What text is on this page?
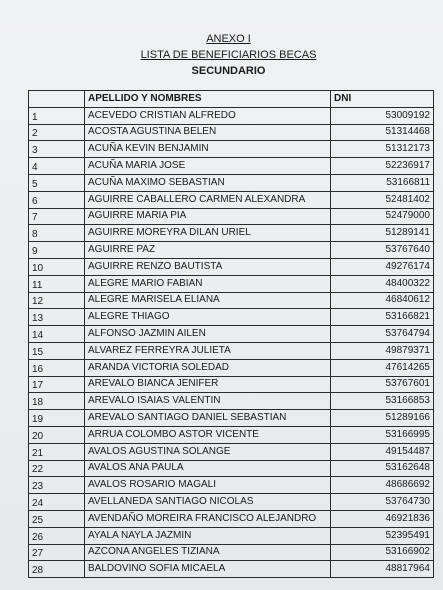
ANEXO I
LISTA DE BENEFICIARIOS BECAS
SECUNDARIO
	APELLIDO Y NOMBRES	DNI
1	ACEVEDO CRISTIAN ALFREDO	53009192
2	ACOSTA AGUSTINA BELEN	51314468
3	ACUÑA KEVIN BENJAMIN	51312173
4	ACUÑA MARIA JOSE	52236917
5	ACUÑA MAXIMO SEBASTIAN	53166811
6	AGUIRRE CABALLERO CARMEN ALEXANDRA	52481402
7	AGUIRRE MARIA PIA	52479000
8	AGUIRRE MOREYRA DILAN URIEL	51289141
9	AGUIRRE PAZ	53767640
10	AGUIRRE RENZO BAUTISTA	49276174
11	ALEGRE MARIO FABIAN	48400322
12	ALEGRE MARISELA ELIANA	46840612
13	ALEGRE THIAGO	53166821
14	ALFONSO JAZMIN AILEN	53764794
15	ALVAREZ FERREYRA JULIETA	49879371
16	ARANDA VICTORIA SOLEDAD	47614265
17	AREVALO BIANCA JENIFER	53767601
18	AREVALO ISAIAS VALENTIN	53166853
19	AREVALO SANTIAGO DANIEL SEBASTIAN	51289166
20	ARRUA COLOMBO ASTOR VICENTE	53166995
21	AVALOS AGUSTINA SOLANGE	49154487
22	AVALOS ANA PAULA	53162648
23	AVALOS ROSARIO MAGALI	48686692
24	AVELLANEDA SANTIAGO NICOLAS	53764730
25	AVENDAÑO MOREIRA FRANCISCO ALEJANDRO	46921836
26	AYALA NAYLA JAZMIN	52395491
27	AZCONA ANGELES TIZIANA	53166902
28	BALDOVINO SOFIA MICAELA	48817964
